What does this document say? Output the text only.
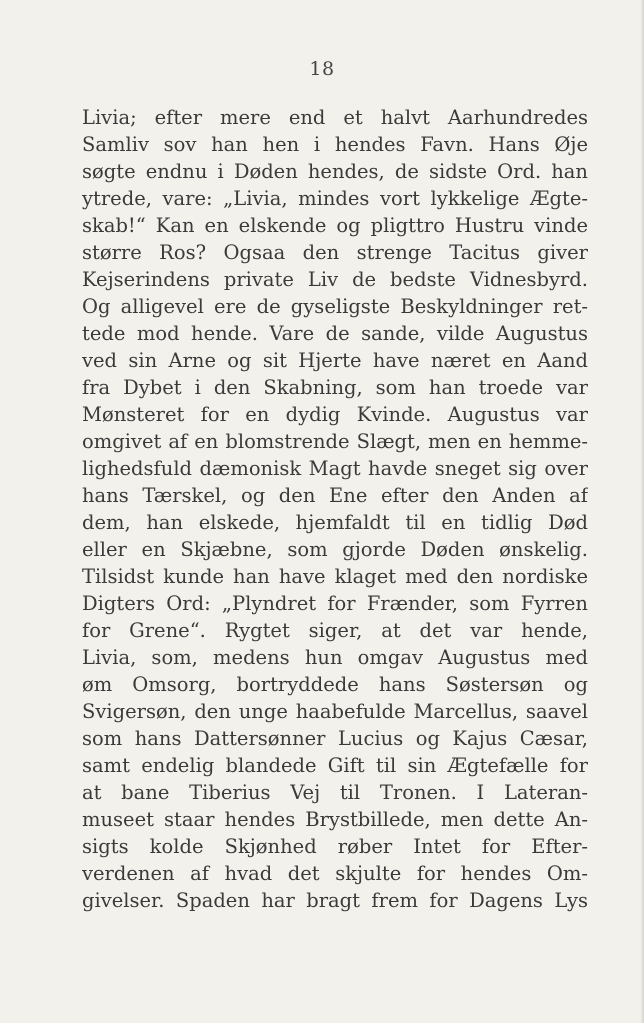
18
Livia; efter mere end et halvt Aarhundredes
Samliv sov han hen i hendes Favn. Hans Øje
søgte endnu i Døden hendes, de sidste Ord. han
ytrede, vare: „Livia, mindes vort lykkelige Ægte-
skab!“ Kan en elskende og pligttro Hustru vinde
større Ros? Ogsaa den strenge Tacitus giver
Kejserindens private Liv de bedste Vidnesbyrd.
Og alligevel ere de gyseligste Beskyldninger ret-
tede mod hende. Vare de sande, vilde Augustus
ved sin Arne og sit Hjerte have næret en Aand
fra Dybet i den Skabning, som han troede var
Mønsteret for en dydig Kvinde. Augustus var
omgivet af en blomstrende Slægt, men en hemme-
lighedsfuld dæmonisk Magt havde sneget sig over
hans Tærskel, og den Ene efter den Anden af
dem, han elskede, hjemfaldt til en tidlig Død
eller en Skjæbne, som gjorde Døden ønskelig.
Tilsidst kunde han have klaget med den nordiske
Digters Ord: „Plyndret for Frænder, som Fyrren
for Grene“. Rygtet siger, at det var hende,
Livia, som, medens hun omgav Augustus med
øm Omsorg, bortryddede hans Søstersøn og
Svigersøn, den unge haabefulde Marcellus, saavel
som hans Dattersønner Lucius og Kajus Cæsar,
samt endelig blandede Gift til sin Ægtefælle for
at bane Tiberius Vej til Tronen. I Lateran-
museet staar hendes Brystbillede, men dette An-
sigts kolde Skjønhed røber Intet for Efter-
verdenen af hvad det skjulte for hendes Om-
givelser. Spaden har bragt frem for Dagens Lys
